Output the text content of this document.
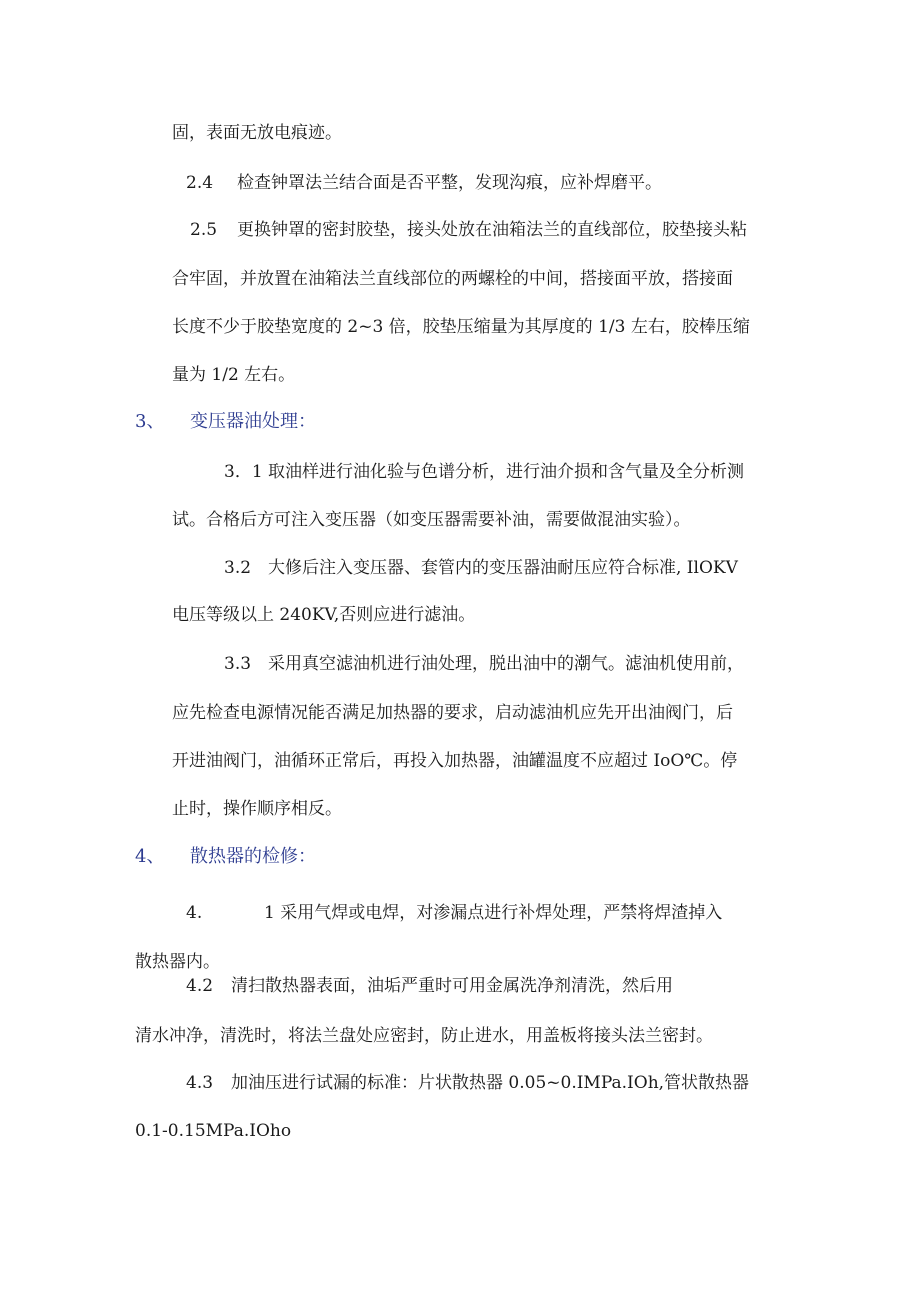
固，表面无放电痕迹。
2.4 检查钟罩法兰结合面是否平整，发现沟痕，应补焊磨平。
2.5 更换钟罩的密封胶垫，接头处放在油箱法兰的直线部位，胶垫接头粘
合牢固，并放置在油箱法兰直线部位的两螺栓的中间，搭接面平放，搭接面
长度不少于胶垫宽度的 2~3 倍，胶垫压缩量为其厚度的 1/3 左右，胶棒压缩
量为 1/2 左右。
3、 变压器油处理：
3．1 取油样进行油化验与色谱分析，进行油介损和含气量及全分析测
试。合格后方可注入变压器（如变压器需要补油，需要做混油实验）。
3.2 大修后注入变压器、套管内的变压器油耐压应符合标准, IlOKV
电压等级以上 240KV,否则应进行滤油。
3.3 采用真空滤油机进行油处理，脱出油中的潮气。滤油机使用前，
应先检查电源情况能否满足加热器的要求，启动滤油机应先开出油阀门，后
开进油阀门，油循环正常后，再投入加热器，油罐温度不应超过 IoO℃。停
止时，操作顺序相反。
4、 散热器的检修：
4.	1 采用气焊或电焊，对渗漏点进行补焊处理，严禁将焊渣掉入
散热器内。
4.2 清扫散热器表面，油垢严重时可用金属洗净剂清洗，然后用
清水冲净，清洗时，将法兰盘处应密封，防止进水，用盖板将接头法兰密封。
4.3 加油压进行试漏的标准：片状散热器 0.05~0.IMPa.IOh,管状散热器
0.1-0.15MPa.IOho
